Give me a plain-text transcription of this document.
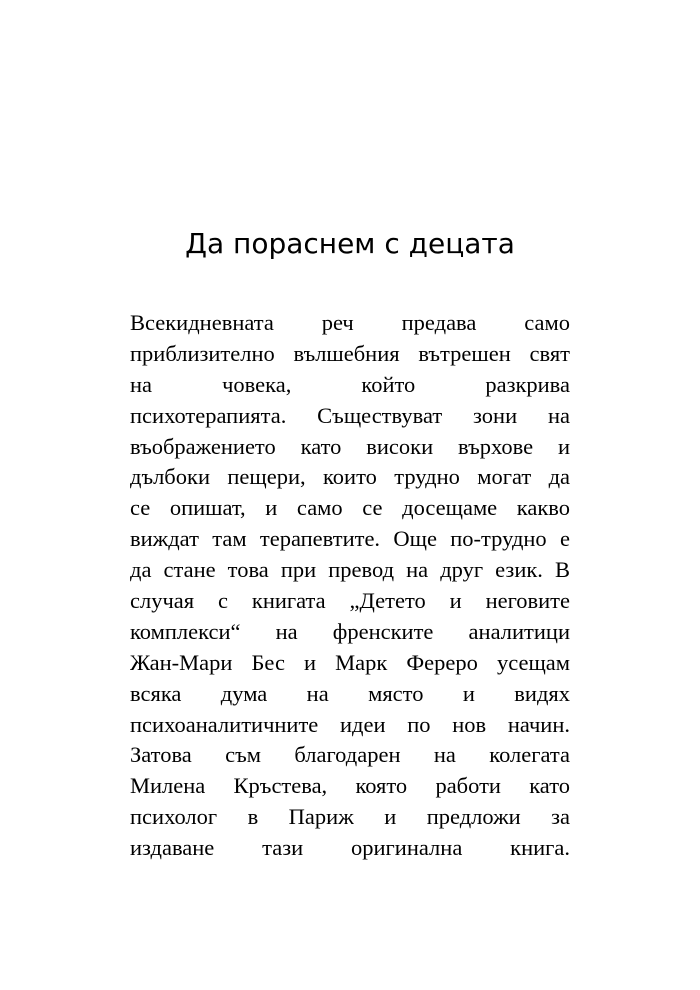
Да пораснем с децата
Всекидневната реч предава само
приблизително вълшебния вътрешен свят
на човека, който разкрива
психотерапията. Съществуват зони на
въображението като високи върхове и
дълбоки пещери, които трудно могат да
се опишат, и само се досещаме какво
виждат там терапевтите. Още по-трудно е
да стане това при превод на друг език. В
случая с книгата „Детето и неговите
комплекси“ на френските аналитици
Жан-Мари Бес и Марк Фереро усещам
всяка дума на място и видях
психоаналитичните идеи по нов начин.
Затова съм благодарен на колегата
Милена Кръстева, която работи като
психолог в Париж и предложи за
издаване тази оригинална книга.
